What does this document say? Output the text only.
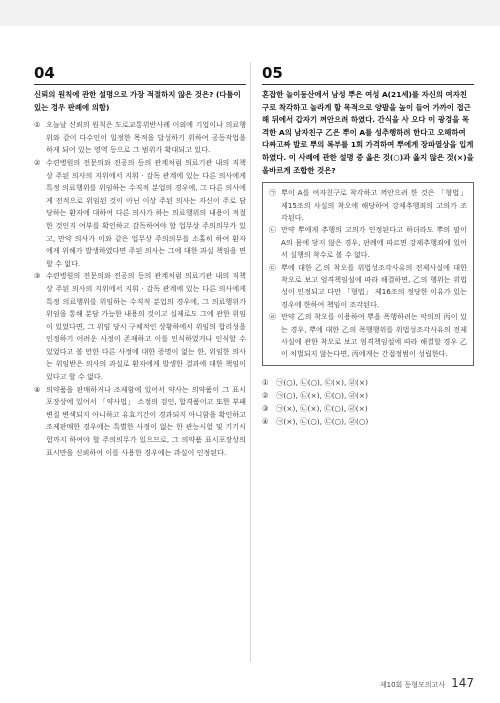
04
신뢰의 원칙에 관한 설명으로 가장 적절하지 않은 것은? (다툼이 있는 경우 판례에 의함)
① 오늘날 신뢰의 원칙은 도로교통위반사례 이외에 기업이나 의료행위와 같이 다수인이 일정한 목적을 달성하기 위하여 공동작업을 하게 되어 있는 영역 등으로 그 범위가 확대되고 있다.
② 수련병원의 전문의와 전공의 등의 관계처럼 의료기관 내의 직책상 주된 의사의 지위에서 지휘 · 감독 관계에 있는 다른 의사에게 특정 의료행위를 위임하는 수직적 분업의 경우에, 그 다른 의사에게 전적으로 위임된 것이 아닌 이상 주된 의사는 자신이 주로 담당하는 환자에 대하여 다른 의사가 하는 의료행위의 내용이 적절한 것인지 여부를 확인하고 감독하여야 할 업무상 주의의무가 있고, 만약 의사가 이와 같은 업무상 주의의무를 소홀히 하여 환자에게 위해가 발생하였다면 주된 의사는 그에 대한 과실 책임을 면할 수 없다.
③ 수련병원의 전문의와 전공의 등의 관계처럼 의료기관 내의 직책상 주된 의사의 지위에서 지휘 · 감독 관계에 있는 다른 의사에게 특정 의료행위를 위임하는 수직적 분업의 경우에, 그 의료행위가 위임을 통해 분담 가능한 내용의 것이고 실제로도 그에 관한 위임이 있었다면, 그 위임 당시 구체적인 상황하에서 위임의 합리성을 인정하기 어려운 사정이 존재하고 이를 인식하였거나 인식할 수 있었다고 볼 만한 다른 사정에 대한 증명이 없는 한, 위임한 의사는 위임받은 의사의 과실로 환자에게 발생한 결과에 대한 책임이 있다고 할 수 없다.
④ 의약품을 판매하거나 조제함에 있어서 약사는 의약품이 그 표시포장상에 있어서 「약사법」 소정의 검인, 합격품이고 또한 부패 변질 변색되지 아니하고 유효기간이 경과되지 아니함을 확인하고 조제판매한 경우에는 특별한 사정이 없는 한 관능시험 및 기기시험까지 하여야 할 주의의무가 있으므로, 그 의약품 표시포장상의 표시만을 신뢰하여 이를 사용한 경우에는 과실이 인정된다.
05
혼잡한 놀이동산에서 남성 뿌은 여성 A(21세)를 자신의 여자친구로 착각하고 놀라게 할 목적으로 양팔을 높이 들어 가까이 접근해 뒤에서 갑자기 껴안으려 하였다. 간식을 사 오다 이 광경을 목격한 A의 남자친구 乙은 뿌이 A를 성추행하려 한다고 오해하여 다짜고짜 발로 뿌의 복부를 1회 가격하여 뿌에게 장파열상을 입게 하였다. 이 사례에 관한 설명 중 옳은 것(○)과 옳지 않은 것(×)을 올바르게 조합한 것은?
㉠ 뿌이 A를 여자친구로 착각하고 껴안으려 한 것은 「형법」 제15조의 사실의 착오에 해당하여 강제추행죄의 고의가 조각된다.
㉡ 만약 뿌에게 추행의 고의가 인정된다고 하더라도 뿌의 팔이 A의 몸에 닿지 않은 경우, 판례에 따르면 강제추행죄에 있어서 실행의 착수로 볼 수 없다.
㉢ 뿌에 대한 乙의 착오를 위법성조각사유의 전제사실에 대한 착오로 보고 엄격책임설에 따라 해결하면, 乙의 행위는 위법성이 인정되고 다만 「형법」 제16조의 정당한 이유가 있는 경우에 한하여 책임이 조각된다.
㉣ 만약 乙의 착오를 이용하여 뿌을 폭행하려는 악의의 丙이 있는 경우, 뿌에 대한 乙의 폭행행위를 위법성조각사유의 전제사실에 관한 착오로 보고 엄격책임설에 따라 해결할 경우 乙이 처벌되지 않는다면, 丙에게는 간접정범이 성립한다.
① ㉠(○), ㉡(○), ㉢(×), ㉣(×)
② ㉠(○), ㉡(×), ㉢(○), ㉣(×)
③ ㉠(×), ㉡(×), ㉢(○), ㉣(×)
④ ㉠(×), ㉡(○), ㉢(○), ㉣(○)
제10회 동형모의고사 147
